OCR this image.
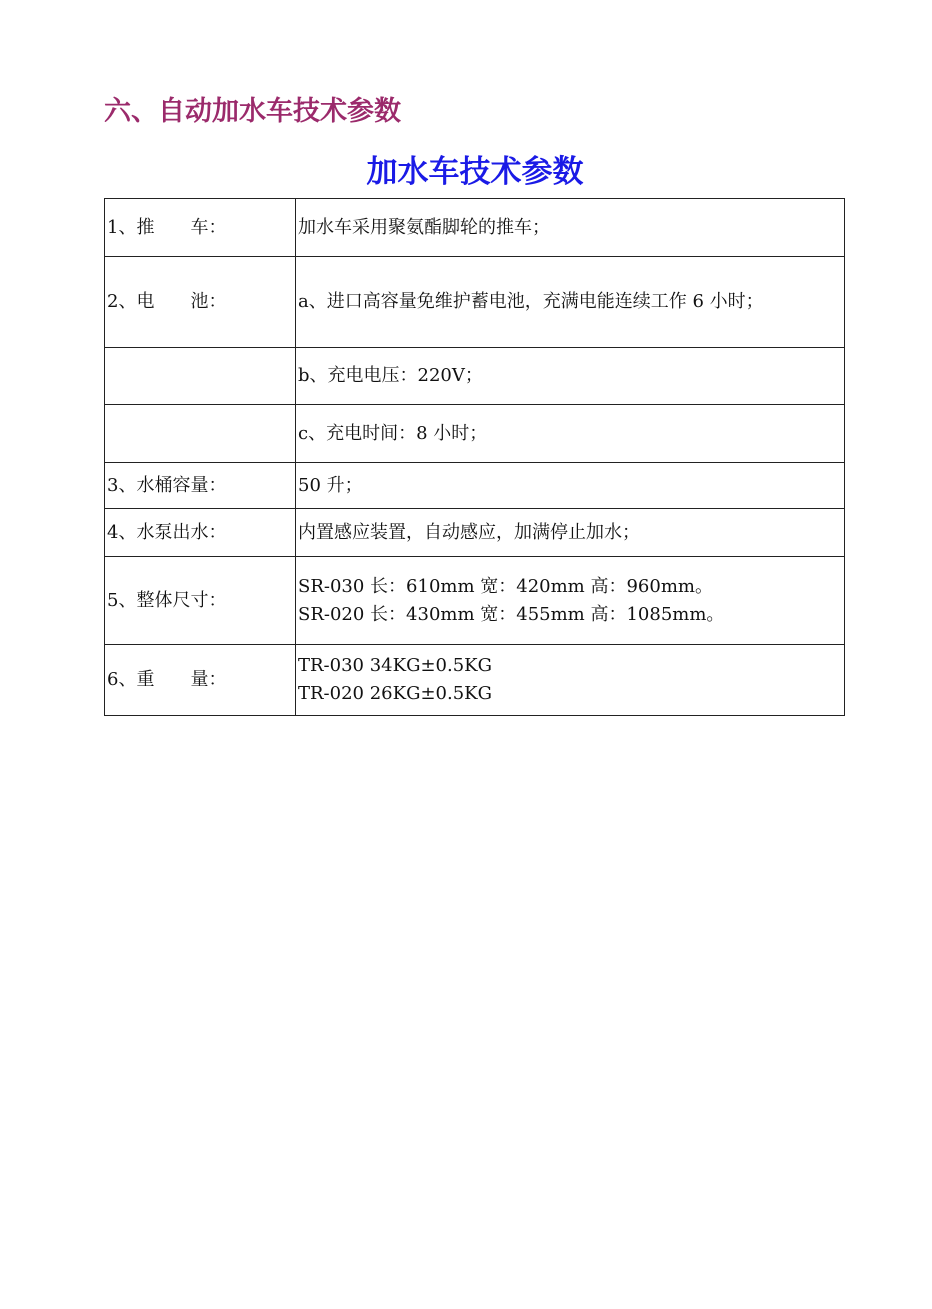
六、自动加水车技术参数
加水车技术参数
1、推　　车：	加水车采用聚氨酯脚轮的推车；

2、电　　池：	a、进口高容量免维护蓄电池，充满电能连续工作 6 小时；

	b、充电电压：220V；

	c、充电时间：8 小时；

3、水桶容量：	50 升；

4、水泵出水：	内置感应装置，自动感应，加满停止加水；

5、整体尺寸：	SR-030 长：610mm 宽：420mm 高：960mm。
SR-020 长：430mm 宽：455mm 高：1085mm。

6、重　　量：	TR-030 34KG±0.5KG
TR-020 26KG±0.5KG
